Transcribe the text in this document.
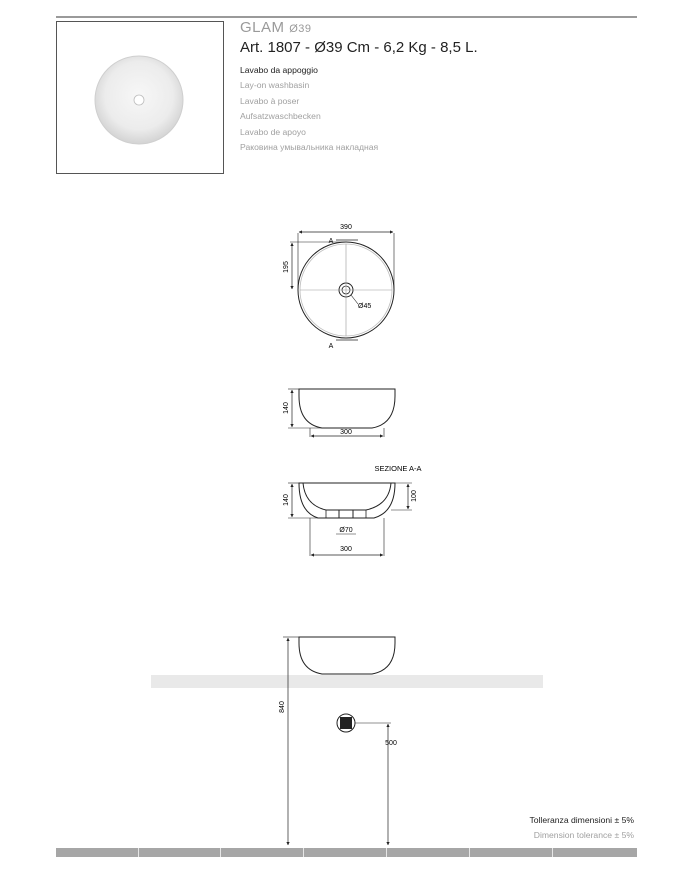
GLAM Ø39
Art. 1807 - Ø39 Cm - 6,2 Kg - 8,5 L.
Lavabo da appoggio
Lay-on washbasin
Lavabo à poser
Aufsatzwaschbecken
Lavabo de apoyo
Раковина умывальника накладная
390
195
A
A
Ø45
300
140
SEZIONE A-A
Ø70
300
140	100
840
500
Tolleranza dimensioni ± 5%
Dimension tolerance ± 5%
